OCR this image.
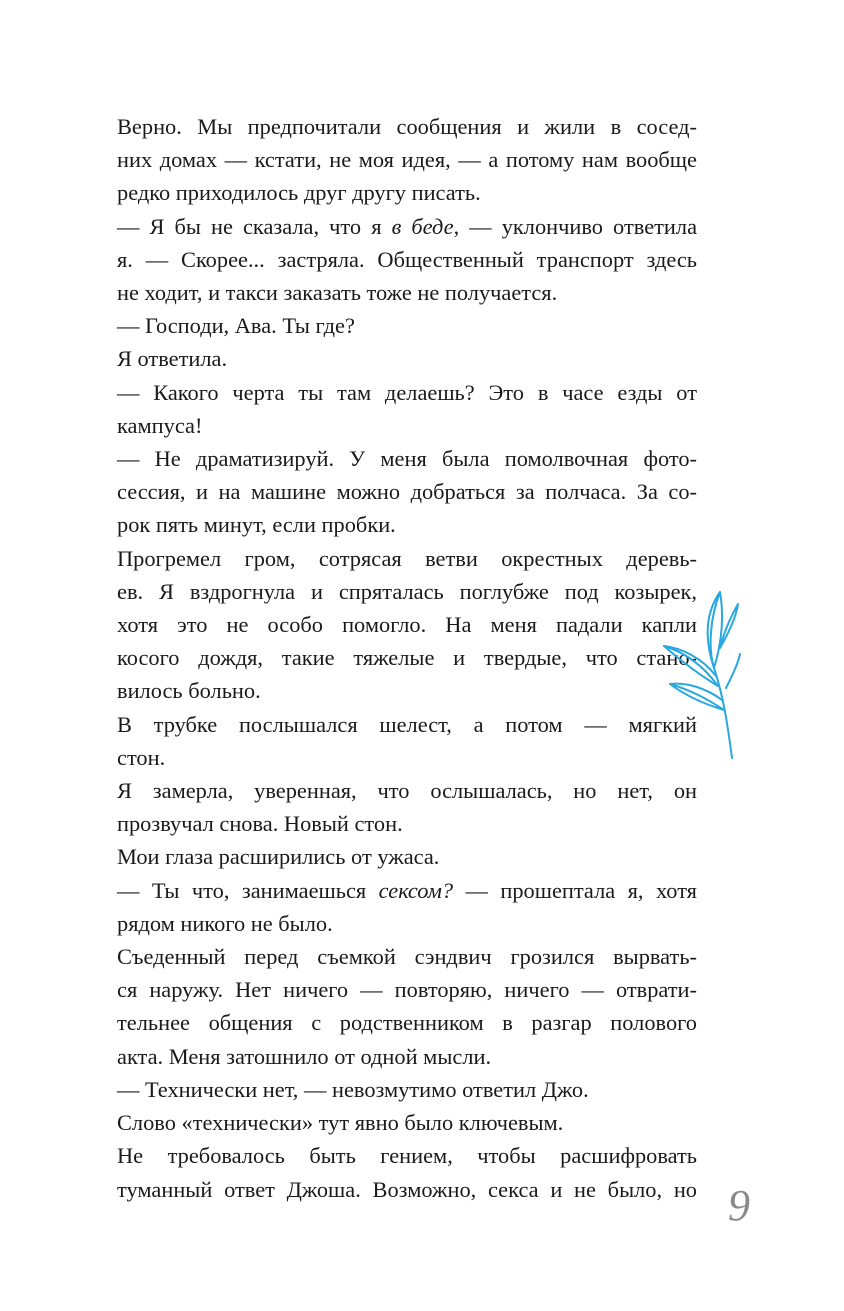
Верно. Мы предпочитали сообщения и жили в сосед-
них домах — кстати, не моя идея, — а потому нам вообще
редко приходилось друг другу писать.

— Я бы не сказала, что я в беде, — уклончиво ответила
я. — Скорее... застряла. Общественный транспорт здесь
не ходит, и такси заказать тоже не получается.

— Господи, Ава. Ты где?

Я ответила.

— Какого черта ты там делаешь? Это в часе езды от
кампуса!

— Не драматизируй. У меня была помолвочная фото-
сессия, и на машине можно добраться за полчаса. За со-
рок пять минут, если пробки.

Прогремел гром, сотрясая ветви окрестных деревь-
ев. Я вздрогнула и спряталась поглубже под козырек,
хотя это не особо помогло. На меня падали капли
косого дождя, такие тяжелые и твердые, что стано-
вилось больно.

В трубке послышался шелест, а потом — мягкий
стон.

Я замерла, уверенная, что ослышалась, но нет, он
прозвучал снова. Новый стон.

Мои глаза расширились от ужаса.

— Ты что, занимаешься сексом? — прошептала я, хотя
рядом никого не было.

Съеденный перед съемкой сэндвич грозился вырвать-
ся наружу. Нет ничего — повторяю, ничего — отврати-
тельнее общения с родственником в разгар полового
акта. Меня затошнило от одной мысли.

— Технически нет, — невозмутимо ответил Джо.

Слово «технически» тут явно было ключевым.

Не требовалось быть гением, чтобы расшифровать
туманный ответ Джоша. Возможно, секса и не было, но 9
